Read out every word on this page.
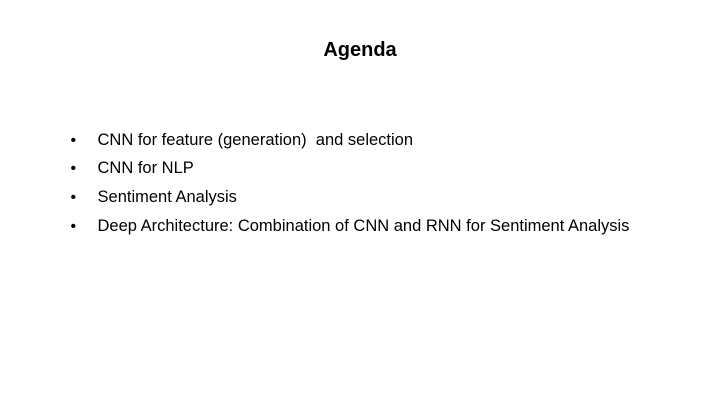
Agenda

• CNN for feature (generation)  and selection

• CNN for NLP

• Sentiment Analysis

• Deep Architecture: Combination of CNN and RNN for Sentiment Analysis
